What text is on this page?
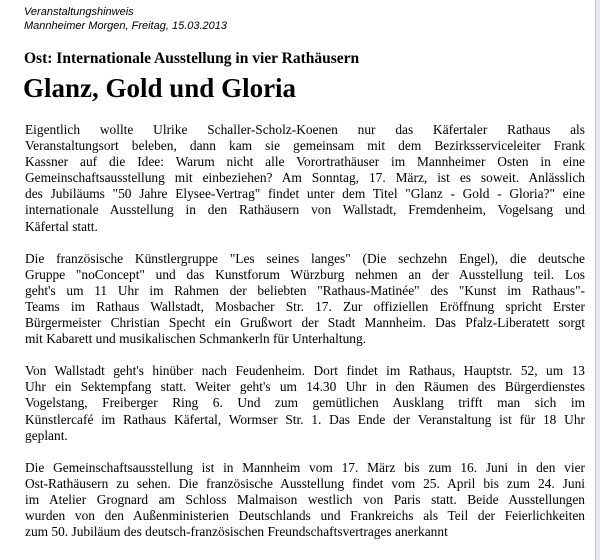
Veranstaltungshinweis
Mannheimer Morgen, Freitag, 15.03.2013
Ost: Internationale Ausstellung in vier Rathäusern
Glanz, Gold und Gloria
Eigentlich wollte Ulrike Schaller-Scholz-Koenen nur das Käfertaler Rathaus als
Veranstaltungsort beleben, dann kam sie gemeinsam mit dem Bezirksserviceleiter Frank
Kassner auf die Idee: Warum nicht alle Vorortrathäuser im Mannheimer Osten in eine
Gemeinschaftsausstellung mit einbeziehen? Am Sonntag, 17. März, ist es soweit. Anlässlich
des Jubiläums "50 Jahre Elysee-Vertrag" findet unter dem Titel "Glanz - Gold - Gloria?" eine
internationale Ausstellung in den Rathäusern von Wallstadt, Fremdenheim, Vogelsang und
Käfertal statt.
Die französische Künstlergruppe "Les seines langes" (Die sechzehn Engel), die deutsche
Gruppe "noConcept" und das Kunstforum Würzburg nehmen an der Ausstellung teil. Los
geht's um 11 Uhr im Rahmen der beliebten "Rathaus-Matinée" des "Kunst im Rathaus"-
Teams im Rathaus Wallstadt, Mosbacher Str. 17. Zur offiziellen Eröffnung spricht Erster
Bürgermeister Christian Specht ein Grußwort der Stadt Mannheim. Das Pfalz-Liberatett sorgt
mit Kabarett und musikalischen Schmankerln für Unterhaltung.
Von Wallstadt geht's hinüber nach Feudenheim. Dort findet im Rathaus, Hauptstr. 52, um 13
Uhr ein Sektempfang statt. Weiter geht's um 14.30 Uhr in den Räumen des Bürgerdienstes
Vogelstang, Freiberger Ring 6. Und zum gemütlichen Ausklang trifft man sich im
Künstlercafé im Rathaus Käfertal, Wormser Str. 1. Das Ende der Veranstaltung ist für 18 Uhr
geplant.
Die Gemeinschaftsausstellung ist in Mannheim vom 17. März bis zum 16. Juni in den vier
Ost-Rathäusern zu sehen. Die französische Ausstellung findet vom 25. April bis zum 24. Juni
im Atelier Grognard am Schloss Malmaison westlich von Paris statt. Beide Ausstellungen
wurden von den Außenministerien Deutschlands und Frankreichs als Teil der Feierlichkeiten
zum 50. Jubiläum des deutsch-französischen Freundschaftsvertrages anerkannt
